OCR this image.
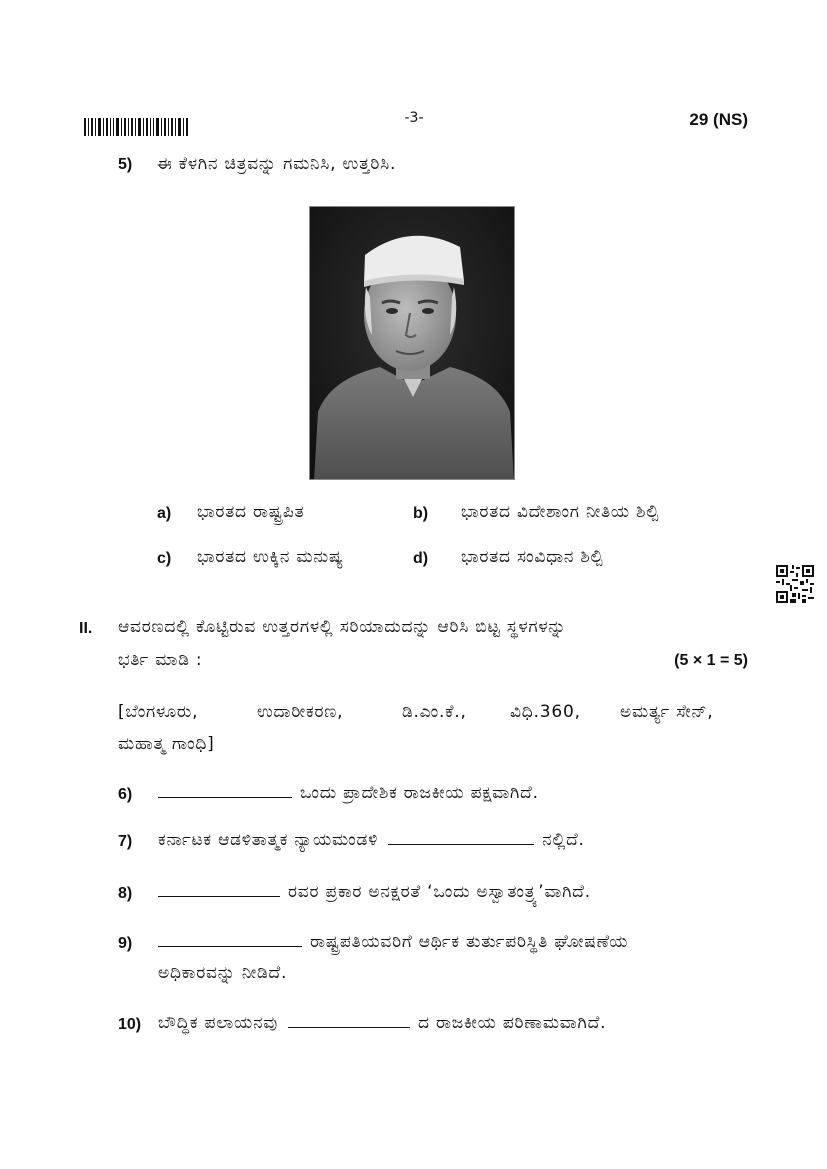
-3-	29 (NS)
5) ಈ ಕೆಳಗಿನ ಚಿತ್ರವನ್ನು ಗಮನಿಸಿ, ಉತ್ತರಿಸಿ.
a) ಭಾರತದ ರಾಷ್ಟ್ರಪಿತ	b) ಭಾರತದ ವಿದೇಶಾಂಗ ನೀತಿಯ ಶಿಲ್ಪಿ
c) ಭಾರತದ ಉಕ್ಕಿನ ಮನುಷ್ಯ	d) ಭಾರತದ ಸಂವಿಧಾನ ಶಿಲ್ಪಿ
II. ಆವರಣದಲ್ಲಿ ಕೊಟ್ಟಿರುವ ಉತ್ತರಗಳಲ್ಲಿ ಸರಿಯಾದುದನ್ನು ಆರಿಸಿ ಬಿಟ್ಟ ಸ್ಥಳಗಳನ್ನು
ಭರ್ತಿ ಮಾಡಿ :	(5 × 1 = 5)
[ಬೆಂಗಳೂರು,	ಉದಾರೀಕರಣ,	ಡಿ.ಎಂ.ಕೆ.,	ವಿಧಿ.360, ಅಮರ್ತ್ಯ ಸೇನ್,
ಮಹಾತ್ಮ ಗಾಂಧಿ]
6)	ಒಂದು ಪ್ರಾದೇಶಿಕ ರಾಜಕೀಯ ಪಕ್ಷವಾಗಿದೆ.
7) ಕರ್ನಾಟಕ ಆಡಳಿತಾತ್ಮಕ ನ್ಯಾಯಮಂಡಳಿ	ನಲ್ಲಿದೆ.
8)	ರವರ ಪ್ರಕಾರ ಅನಕ್ಷರತೆ ‘ಒಂದು ಅಸ್ವಾತಂತ್ರ್ಯ’ವಾಗಿದೆ.
9)	ರಾಷ್ಟ್ರಪತಿಯವರಿಗೆ ಆರ್ಥಿಕ ತುರ್ತುಪರಿಸ್ಥಿತಿ ಘೋಷಣೆಯ
ಅಧಿಕಾರವನ್ನು ನೀಡಿದೆ.
10) ಬೌದ್ಧಿಕ ಪಲಾಯನವು	ದ ರಾಜಕೀಯ ಪರಿಣಾಮವಾಗಿದೆ.
